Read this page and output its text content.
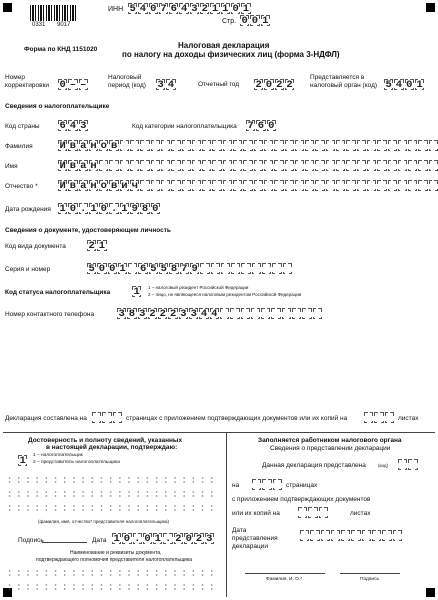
0331 9017
ИНН 5 4 0 7 6 4 3 2 1 1 0 1
Стр. 0 0 1
Форма по КНД 1151020	Налоговая декларация
по налогу на доходы физических лиц (форма 3-НДФЛ)
Номер корректировки 0 – –
Налоговый период (код)	3 4	Отчетный год 2 0 2 2
Представляется в налоговый орган (код) 5 4 0 1
Сведения о налогоплательщике
Код страны 6 4 3	Код категории налогоплательщика 7 6 0
Фамилия	И в а н о в
Имя	И в а н
Отчество * И в а н о в и ч
Дата рождения 1 0 . 1 0 . 1 9 8 0
Сведения о документе, удостоверяющем личность
Код вида документа 2 1
Серия и номер	5 0 0 1 6 5 5 8 7 9
Код статуса налогоплательщика 1	1 – налоговый резидент Российской Федерации
2 – лицо, не являющееся налоговым резидентом Российской Федерации
Номер контактного телефона 3 8 3 2 2 2 3 3 4 4
Декларация составлена на	страницах с приложением подтверждающих документов или их копий на	листах
Достоверность и полноту сведений, указанных
в настоящей декларации, подтверждаю:
1	1 – налогоплательщик
2 – представитель налогоплательщика
(фамилия, имя, отчество* представителя налогоплательщика)
Подпись	Дата 1 0 . 0 1 . 2 0 2 3
Наименование и реквизиты документа,
подтверждающего полномочия представителя налогоплательщика
Заполняется работником налогового органа
Сведения о представлении декларации
Данная декларация представлена	(код)
на	страницах
с приложением подтверждающих документов
или их копий на	листах
Дата представления декларации
Фамилия, И. О.*	Подпись
